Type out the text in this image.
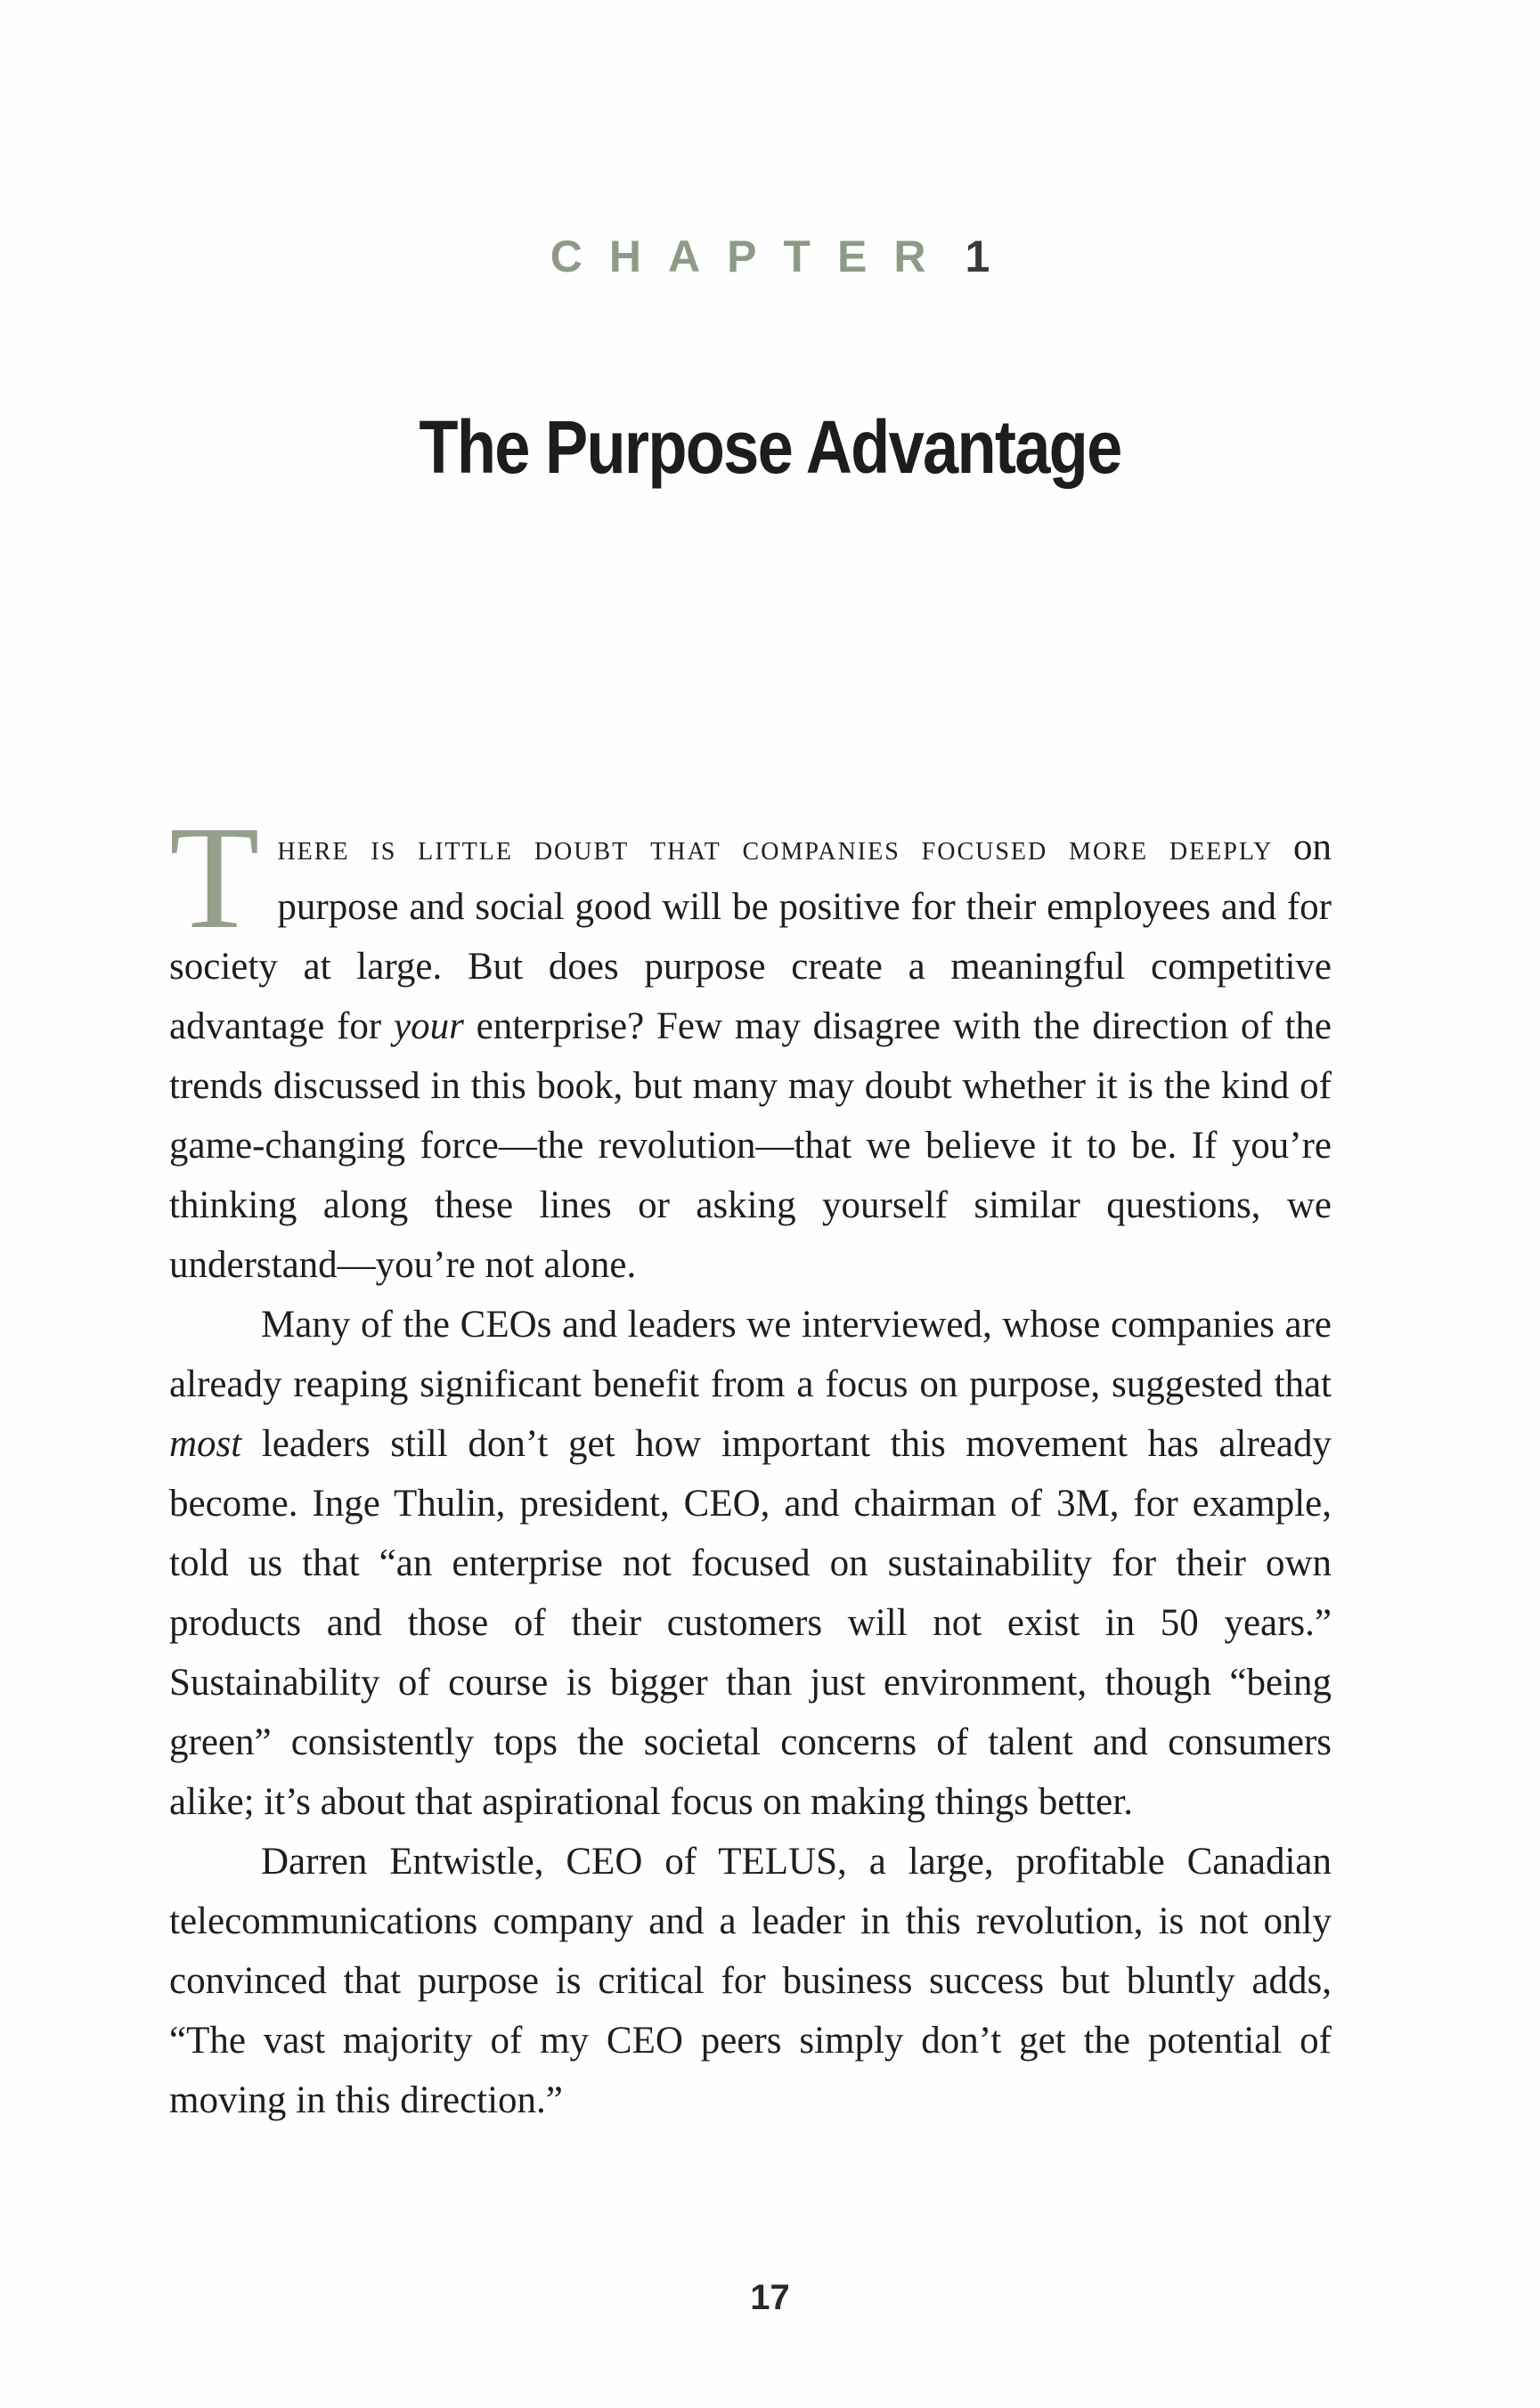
CHAPTER 1
The Purpose Advantage

There is little doubt that companies focused more deeply on purpose and social good will be positive for their employees and for society at large. But does purpose create a meaningful competitive advantage for your enterprise? Few may disagree with the direction of the trends discussed in this book, but many may doubt whether it is the kind of game-changing force—the revolution—that we believe it to be. If you’re thinking along these lines or asking yourself similar questions, we understand—you’re not alone.

Many of the CEOs and leaders we interviewed, whose companies are already reaping significant benefit from a focus on purpose, suggested that most leaders still don’t get how important this movement has already become. Inge Thulin, president, CEO, and chairman of 3M, for example, told us that “an enterprise not focused on sustainability for their own products and those of their customers will not exist in 50 years.” Sustainability of course is bigger than just environment, though “being green” consistently tops the societal concerns of talent and consumers alike; it’s about that aspirational focus on making things better.

Darren Entwistle, CEO of TELUS, a large, profitable Canadian telecommunications company and a leader in this revolution, is not only convinced that purpose is critical for business success but bluntly adds, “The vast majority of my CEO peers simply don’t get the potential of moving in this direction.”

17
